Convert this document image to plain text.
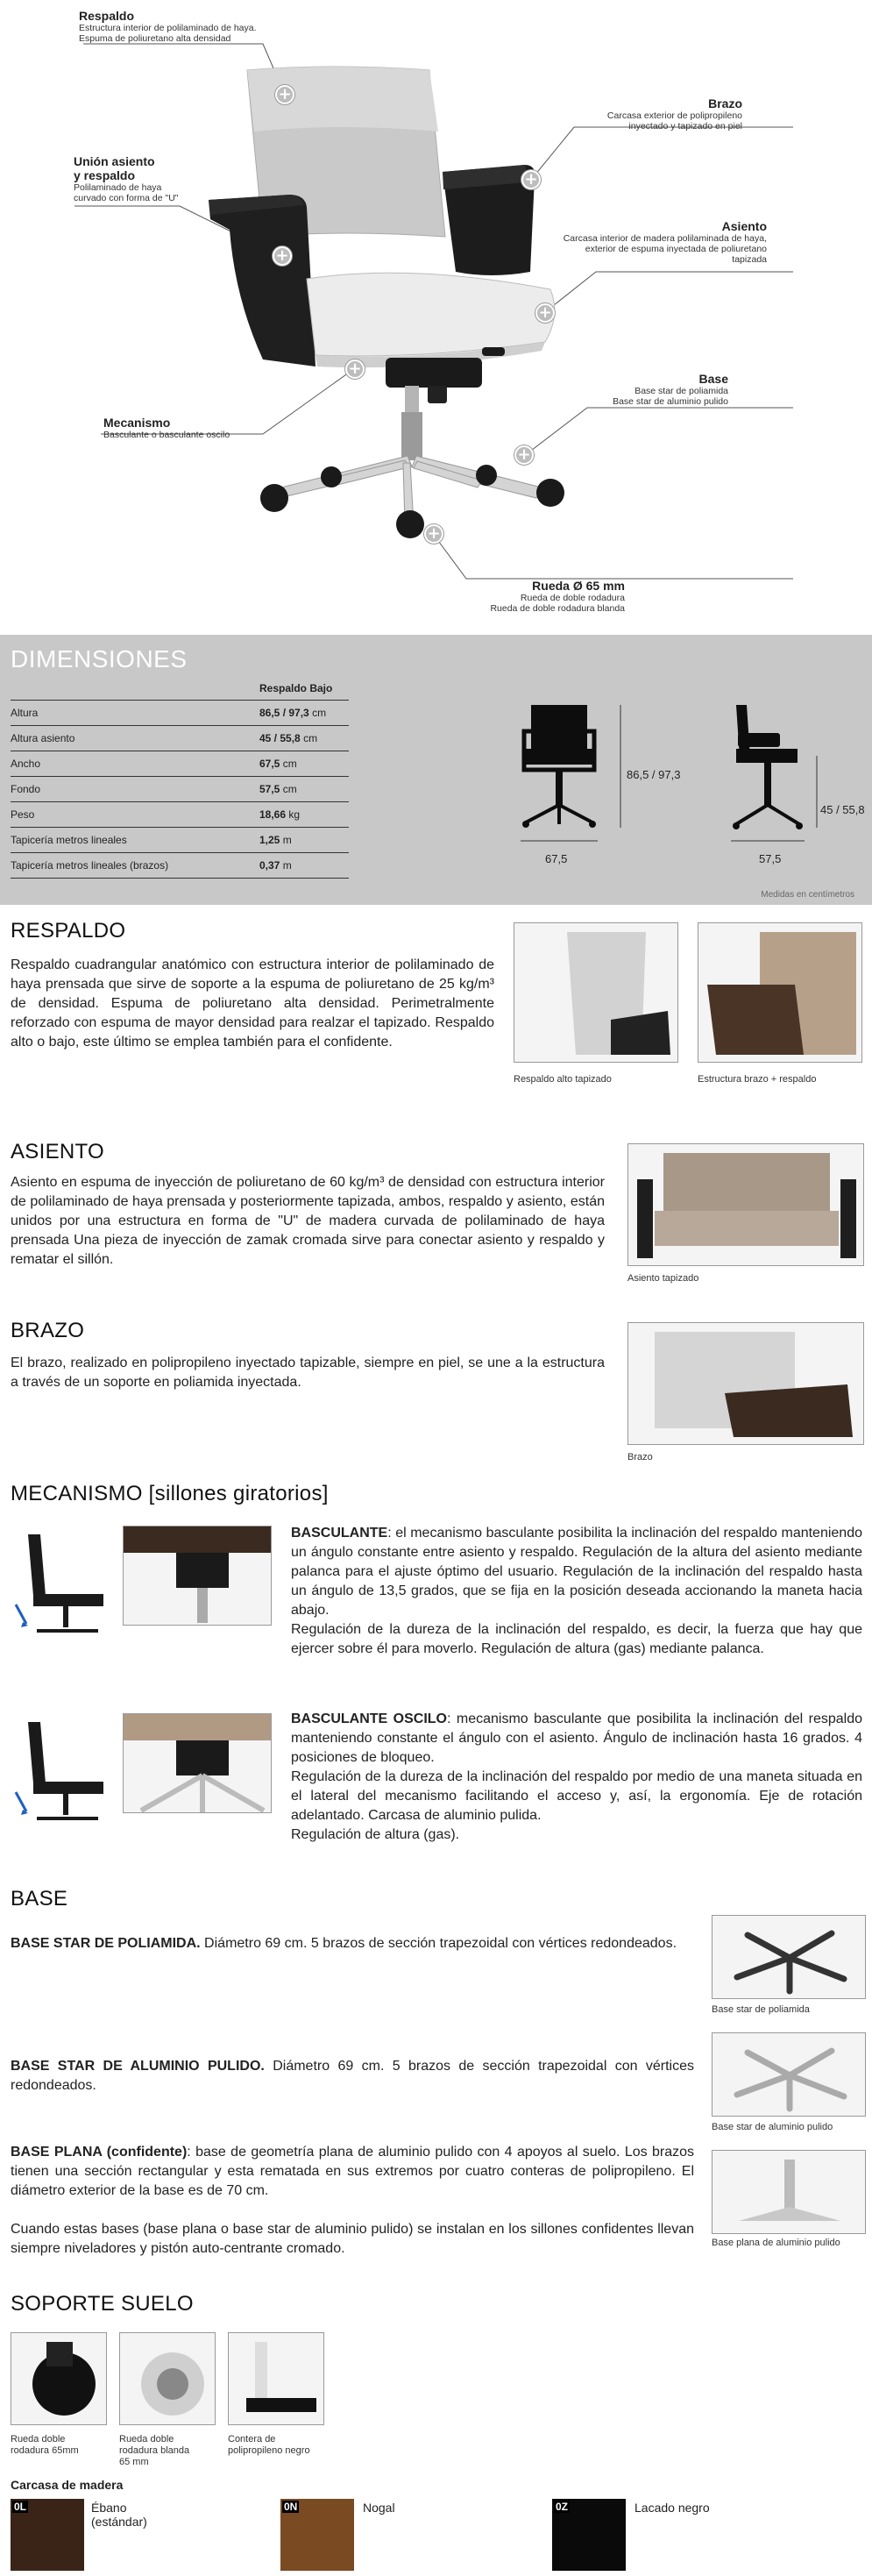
+
+
+
+
+
+
+
Respaldo
Estructura interior de polilaminado de haya.
Espuma de poliuretano alta densidad
Unión asiento
y respaldo
Polilaminado de haya
curvado con forma de "U"
Mecanismo
Basculante o basculante oscilo
Brazo
Carcasa exterior de polipropileno
inyectado y tapizado en piel
Asiento
Carcasa interior de madera polilaminada de haya,
exterior de espuma inyectada de poliuretano
tapizada
Base
Base star de poliamida
Base star de aluminio pulido
Rueda Ø 65 mm
Rueda de doble rodadura
Rueda de doble rodadura blanda
DIMENSIONES
Respaldo Bajo	
Altura	86,5 / 97,3 cm
Altura asiento	45 / 55,8 cm
Ancho	67,5 cm
Fondo	57,5 cm
Peso	18,66 kg
Tapicería metros lineales	1,25 m
Tapicería metros lineales (brazos)	0,37 m
86,5 / 97,3
67,5
45 / 55,8
57,5
Medidas en centímetros
RESPALDO
Respaldo cuadrangular anatómico con estructura interior de polilaminado de haya prensada que sirve de soporte a la espuma de poliuretano de 25 kg/m³ de densidad. Espuma de poliuretano alta densidad. Perimetralmente reforzado con espuma de mayor densidad para realzar el tapizado. Respaldo alto o bajo, este último se emplea también para el confidente.
Respaldo alto tapizado	Estructura brazo + respaldo
ASIENTO
Asiento en espuma de inyección de poliuretano de 60 kg/m³ de densidad con estructura interior de polilaminado de haya prensada y posteriormente tapizada, ambos, respaldo y asiento, están unidos por una estructura en forma de "U" de madera curvada de polilaminado de haya prensada Una pieza de inyección de zamak cromada sirve para conectar asiento y respaldo y rematar el sillón.
Asiento tapizado
BRAZO
El brazo, realizado en polipropileno inyectado tapizable, siempre en piel, se une a la estructura a través de un soporte en poliamida inyectada.
Brazo
MECANISMO [sillones giratorios]
BASCULANTE: el mecanismo basculante posibilita la inclinación del respaldo manteniendo un ángulo constante entre asiento y respaldo. Regulación de la altura del asiento mediante palanca para el ajuste óptimo del usuario. Regulación de la inclinación del respaldo hasta un ángulo de 13,5 grados, que se fija en la posición deseada accionando la maneta hacia abajo.
Regulación de la dureza de la inclinación del respaldo, es decir, la fuerza que hay que ejercer sobre él para moverlo. Regulación de altura (gas) mediante palanca.
BASCULANTE OSCILO: mecanismo basculante que posibilita la inclinación del respaldo manteniendo constante el ángulo con el asiento. Ángulo de inclinación hasta 16 grados. 4 posiciones de bloqueo.
Regulación de la dureza de la inclinación del respaldo por medio de una maneta situada en el lateral del mecanismo facilitando el acceso y, así, la ergonomía. Eje de rotación adelantado. Carcasa de aluminio pulida.
Regulación de altura (gas).
BASE
BASE STAR DE POLIAMIDA. Diámetro 69 cm. 5 brazos de sección trapezoidal con vértices redondeados.
Base star de poliamida
BASE STAR DE ALUMINIO PULIDO. Diámetro 69 cm. 5 brazos de sección trapezoidal con vértices redondeados.
Base star de aluminio pulido
BASE PLANA (confidente): base de geometría plana de aluminio pulido con 4 apoyos al suelo. Los brazos tienen una sección rectangular y esta rematada en sus extremos por cuatro conteras de polipropileno. El diámetro exterior de la base es de 70 cm.
Cuando estas bases (base plana o base star de aluminio pulido) se instalan en los sillones confidentes llevan siempre niveladores y pistón auto-centrante cromado.	Base plana de aluminio pulido
SOPORTE SUELO
Rueda doble
rodadura 65mm
Rueda doble
rodadura blanda
65 mm
Contera de
polipropileno negro
Carcasa de madera
0L	Ébano
(estándar)
0N	Nogal	0Z	Lacado negro
